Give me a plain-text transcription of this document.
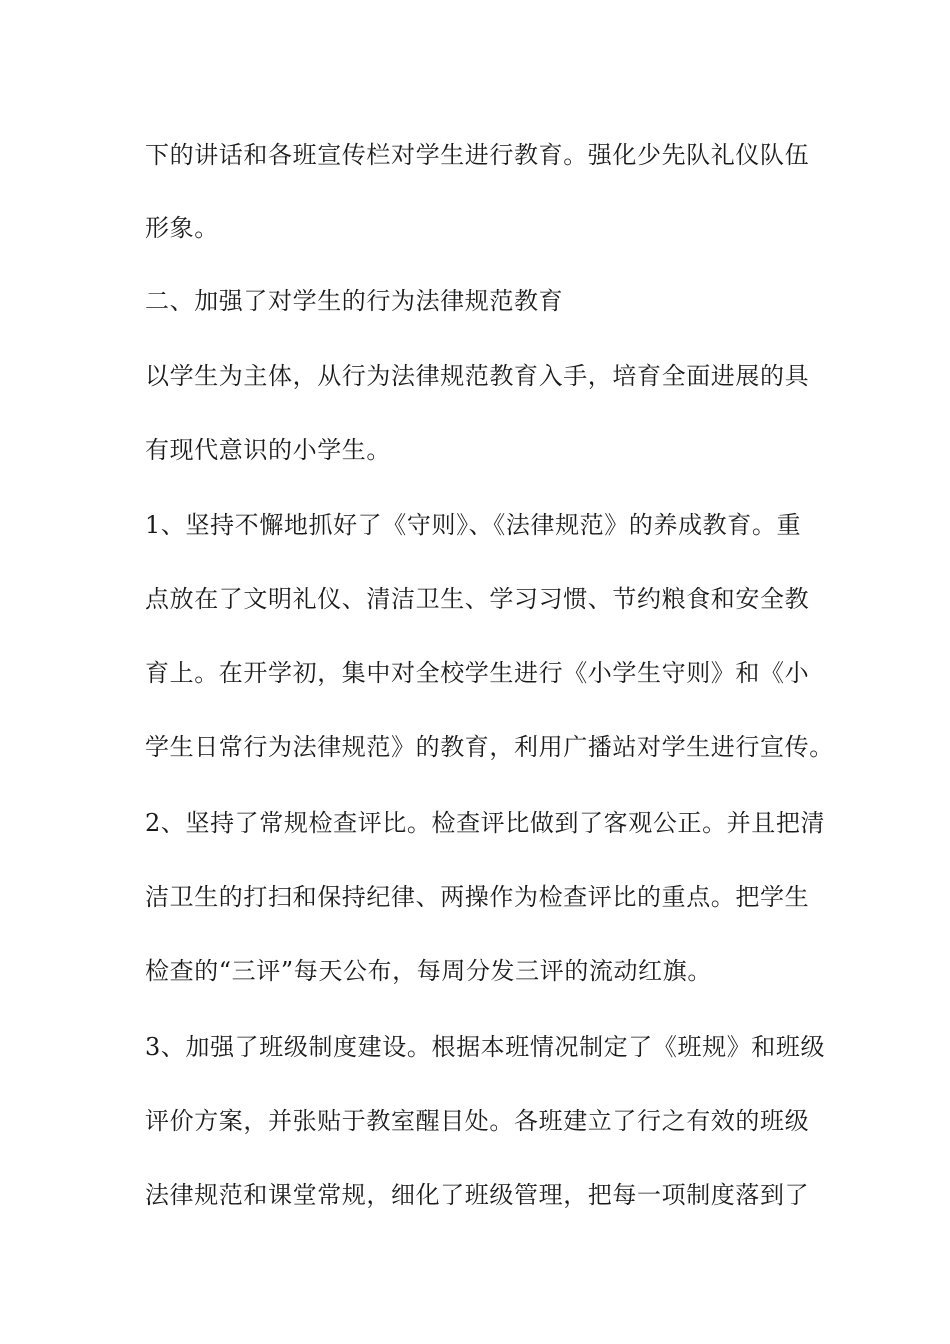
下的讲话和各班宣传栏对学生进行教育。强化少先队礼仪队伍
形象。
二、加强了对学生的行为法律规范教育
以学生为主体，从行为法律规范教育入手，培育全面进展的具
有现代意识的小学生。
1、坚持不懈地抓好了《守则》、《法律规范》的养成教育。重
点放在了文明礼仪、清洁卫生、学习习惯、节约粮食和安全教
育上。在开学初，集中对全校学生进行《小学生守则》和《小
学生日常行为法律规范》的教育，利用广播站对学生进行宣传。
2、坚持了常规检查评比。检查评比做到了客观公正。并且把清
洁卫生的打扫和保持纪律、两操作为检查评比的重点。把学生
检查的“三评”每天公布，每周分发三评的流动红旗。
3、加强了班级制度建设。根据本班情况制定了《班规》和班级
评价方案，并张贴于教室醒目处。各班建立了行之有效的班级
法律规范和课堂常规，细化了班级管理，把每一项制度落到了
